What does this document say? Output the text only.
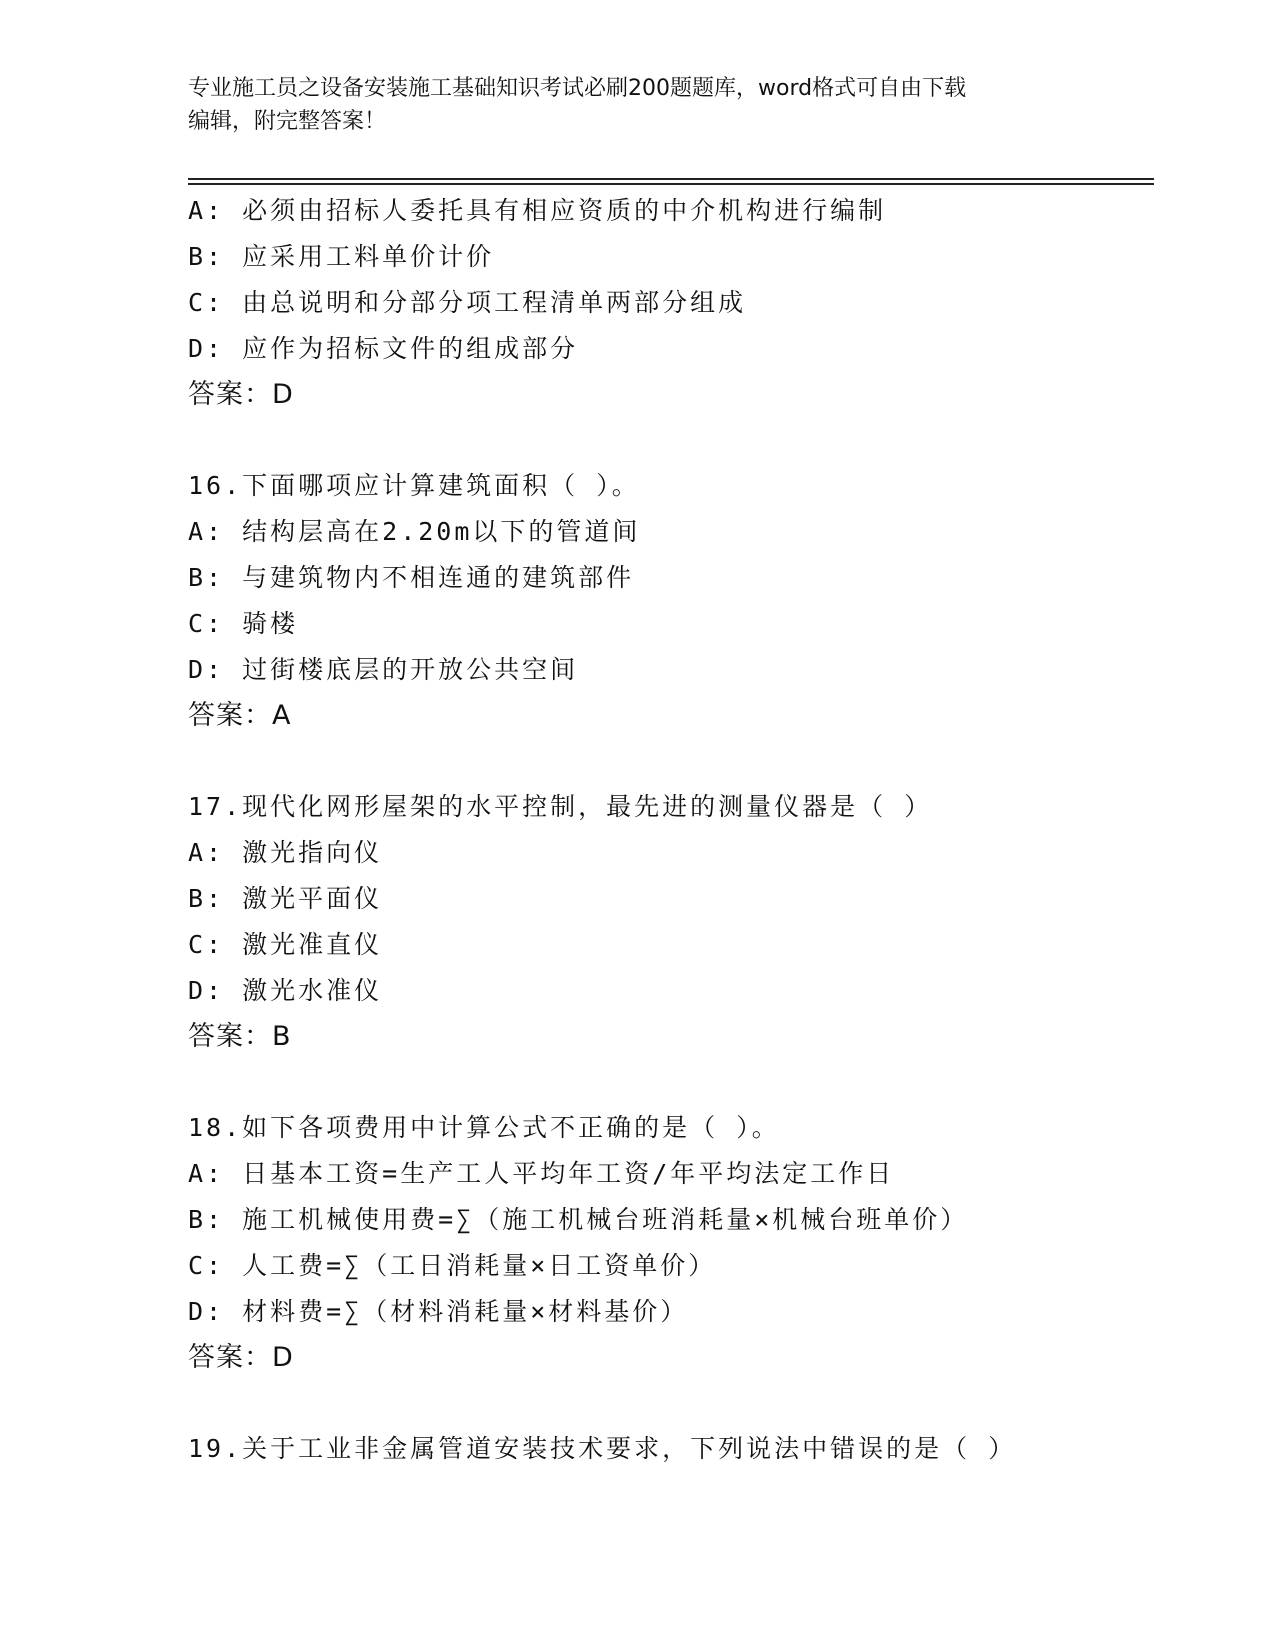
专业施工员之设备安装施工基础知识考试必刷200题题库，word格式可自由下载
编辑，附完整答案！
A: 必须由招标人委托具有相应资质的中介机构进行编制
B: 应采用工料单价计价
C: 由总说明和分部分项工程清单两部分组成
D: 应作为招标文件的组成部分
答案：D
16.下面哪项应计算建筑面积（ ）。
A: 结构层高在2.20m以下的管道间
B: 与建筑物内不相连通的建筑部件
C: 骑楼
D: 过街楼底层的开放公共空间
答案：A
17.现代化网形屋架的水平控制，最先进的测量仪器是（ ）
A: 激光指向仪
B: 激光平面仪
C: 激光准直仪
D: 激光水准仪
答案：B
18.如下各项费用中计算公式不正确的是（ ）。
A: 日基本工资=生产工人平均年工资/年平均法定工作日
B: 施工机械使用费=∑（施工机械台班消耗量×机械台班单价）
C: 人工费=∑（工日消耗量×日工资单价）
D: 材料费=∑（材料消耗量×材料基价）
答案：D
19.关于工业非金属管道安装技术要求，下列说法中错误的是（ ）
